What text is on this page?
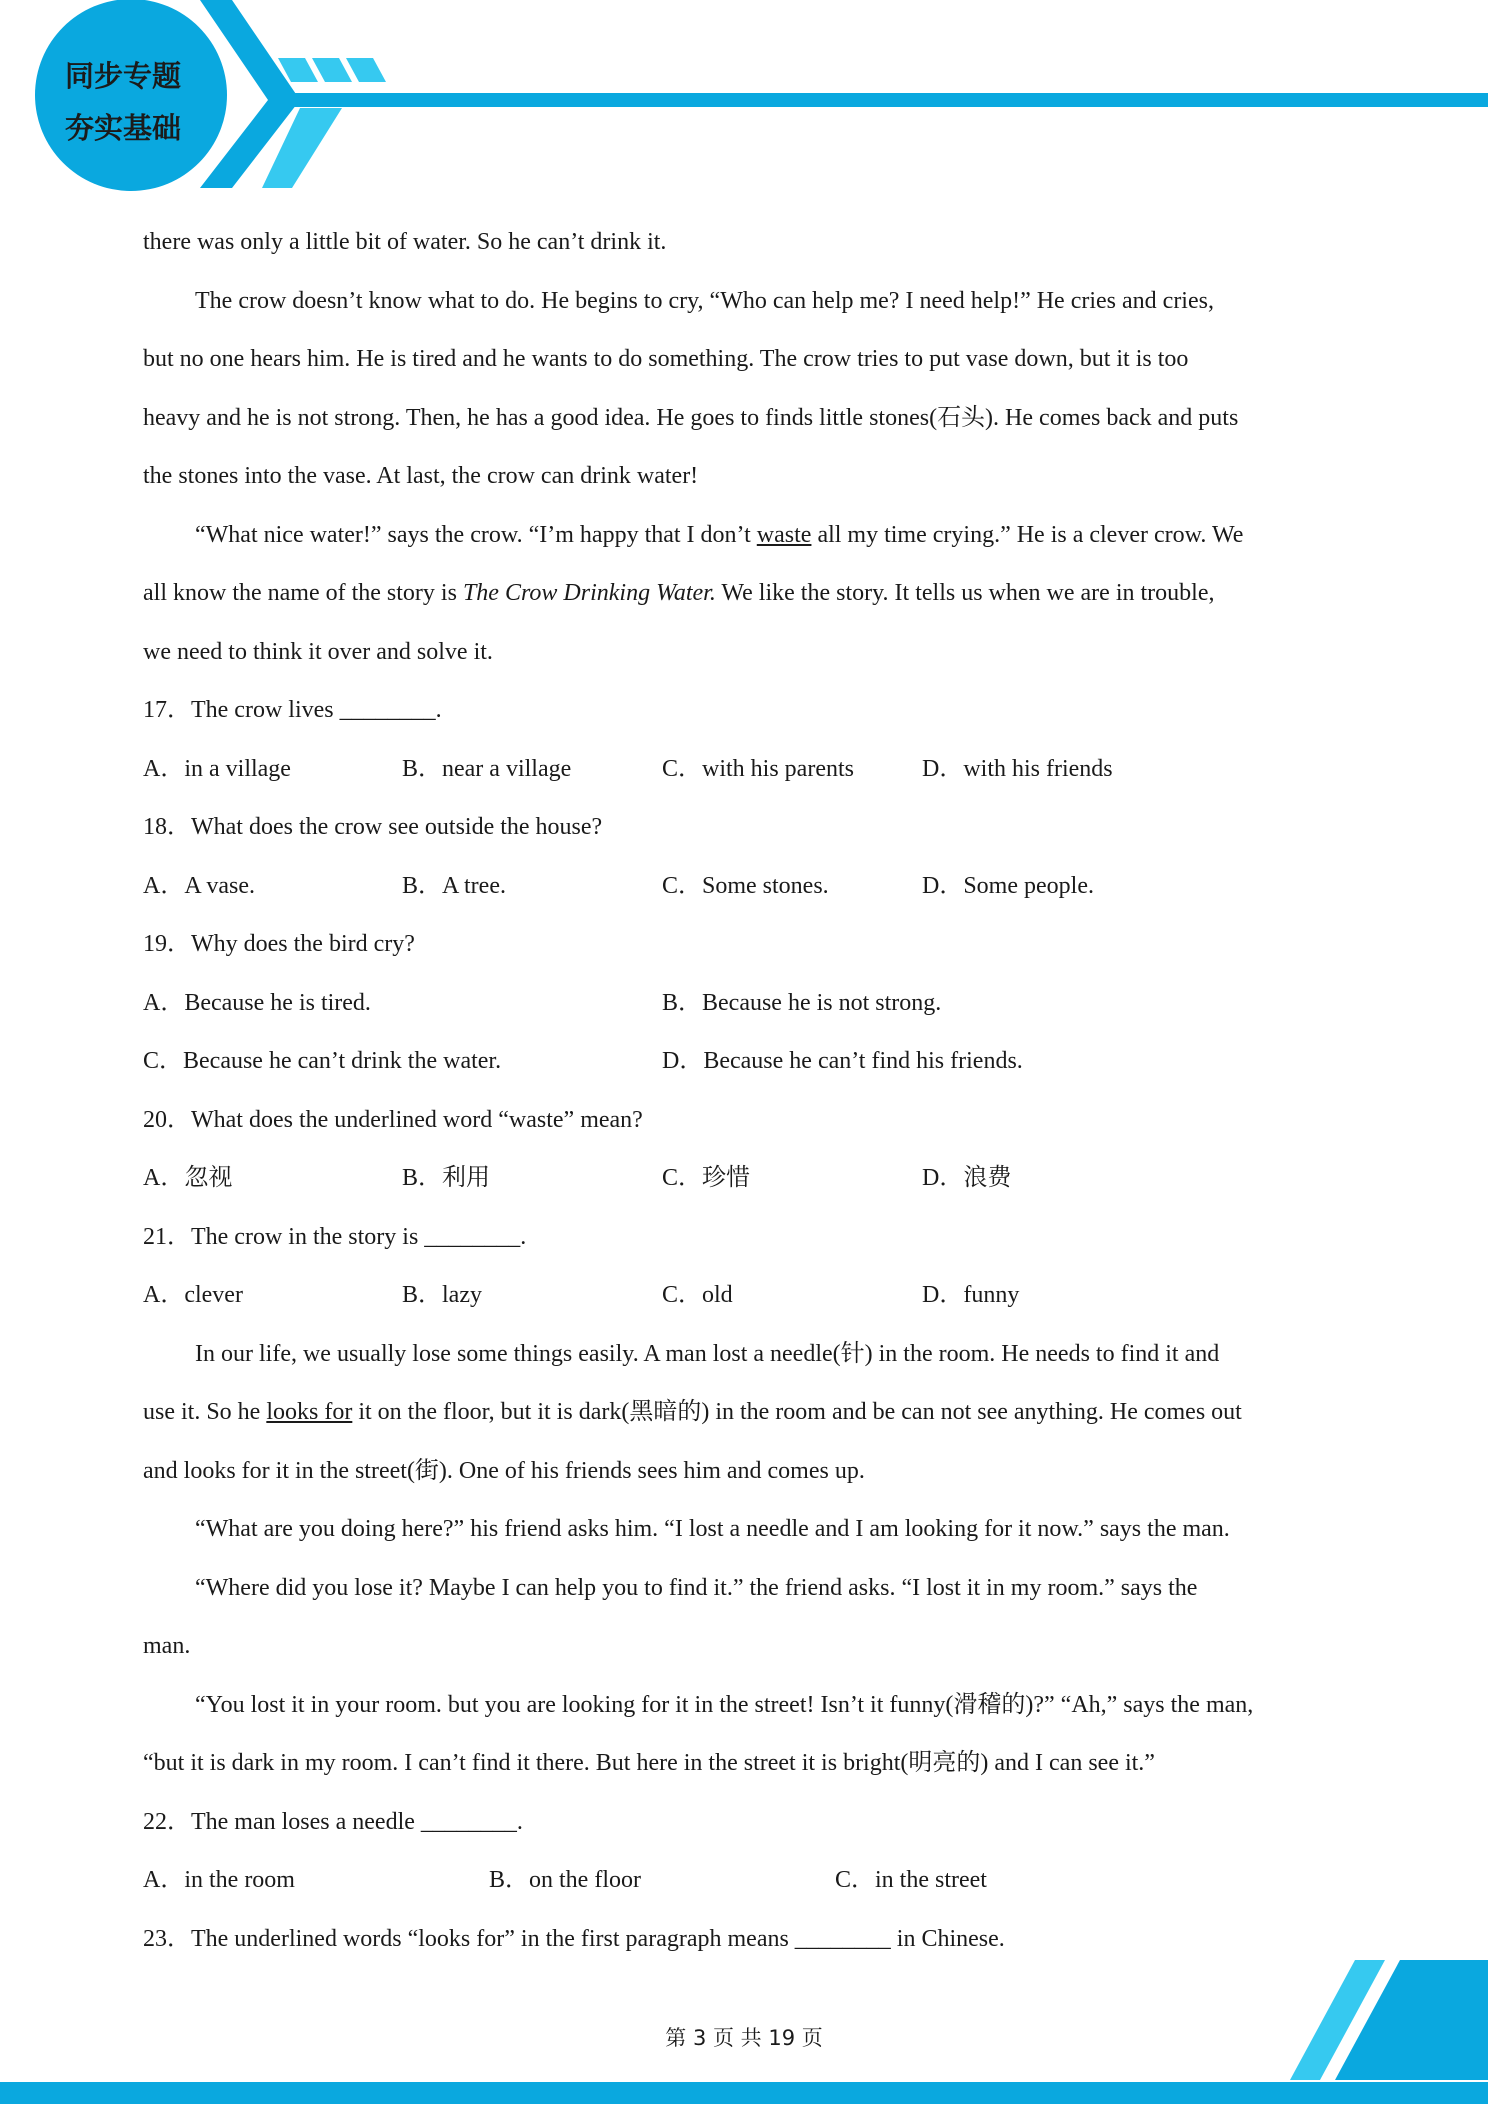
同步专题
夯实基础
there was only a little bit of water. So he can’t drink it.
The crow doesn’t know what to do. He begins to cry, “Who can help me? I need help!” He cries and cries,
but no one hears him. He is tired and he wants to do something. The crow tries to put vase down, but it is too
heavy and he is not strong. Then, he has a good idea. He goes to finds little stones(石头). He comes back and puts
the stones into the vase. At last, the crow can drink water!
“What nice water!” says the crow. “I’m happy that I don’t waste all my time crying.” He is a clever crow. We
all know the name of the story is The Crow Drinking Water. We like the story. It tells us when we are in trouble,
we need to think it over and solve it.
17．The crow lives ________.
A．in a village	B．near a village	C．with his parents	D．with his friends
18．What does the crow see outside the house?
A．A vase.	B．A tree.	C．Some stones.	D．Some people.
19．Why does the bird cry?
A．Because he is tired.	B．Because he is not strong.
C．Because he can’t drink the water.	D．Because he can’t find his friends.
20．What does the underlined word “waste” mean?
A．忽视	B．利用	C．珍惜	D．浪费
21．The crow in the story is ________.
A．clever	B．lazy	C．old	D．funny
In our life, we usually lose some things easily. A man lost a needle(针) in the room. He needs to find it and
use it. So he looks for it on the floor, but it is dark(黑暗的) in the room and be can not see anything. He comes out
and looks for it in the street(街). One of his friends sees him and comes up.
“What are you doing here?” his friend asks him. “I lost a needle and I am looking for it now.” says the man.
“Where did you lose it? Maybe I can help you to find it.” the friend asks. “I lost it in my room.” says the
man.
“You lost it in your room. but you are looking for it in the street! Isn’t it funny(滑稽的)?” “Ah,” says the man,
“but it is dark in my room. I can’t find it there. But here in the street it is bright(明亮的) and I can see it.”
22．The man loses a needle ________.
A．in the room	B．on the floor	C．in the street
23．The underlined words “looks for” in the first paragraph means ________ in Chinese.
第 3 页 共 19 页
